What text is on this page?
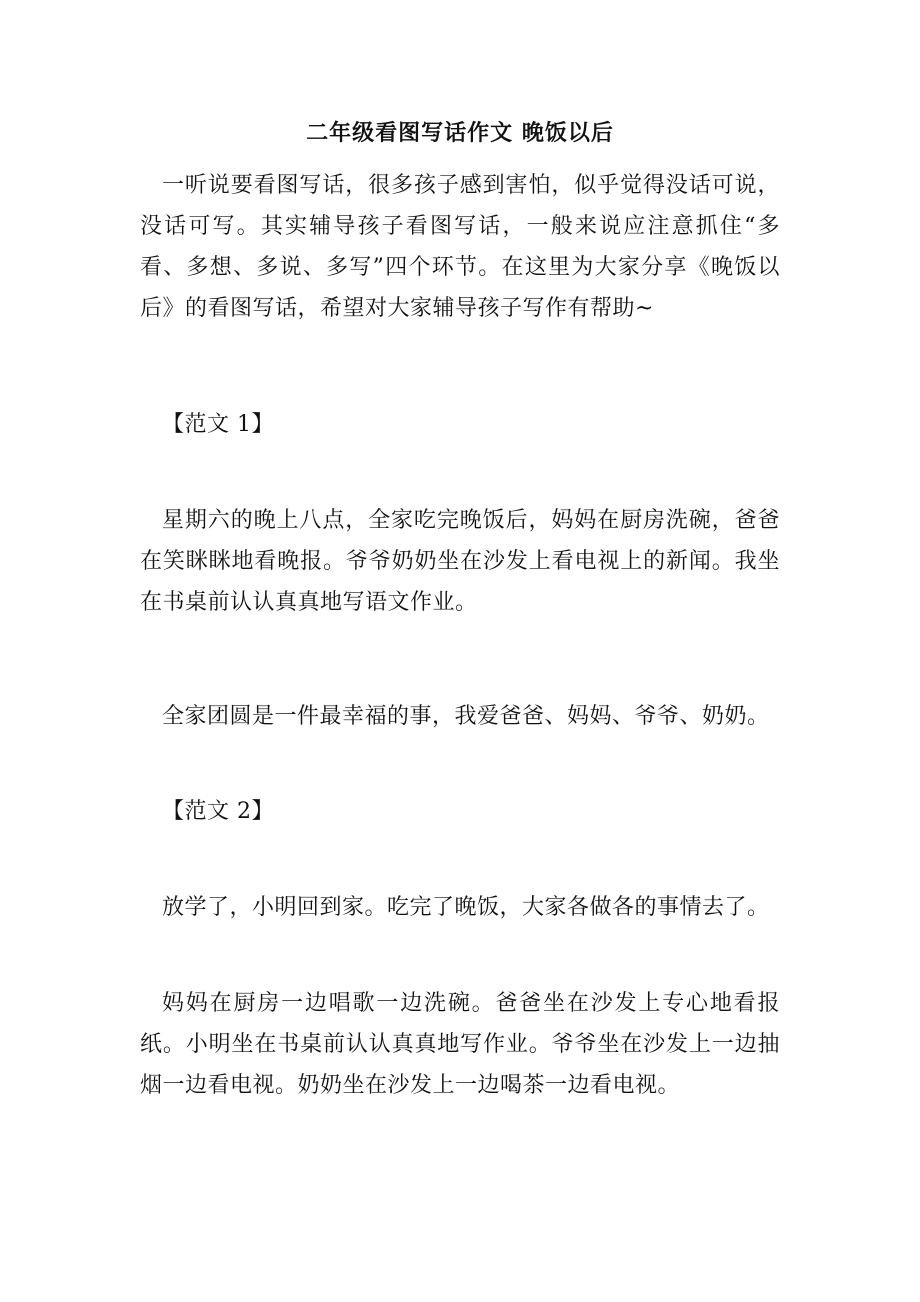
二年级看图写话作文 晚饭以后

一听说要看图写话，很多孩子感到害怕，似乎觉得没话可说，没话可写。其实辅导孩子看图写话，一般来说应注意抓住“多看、多想、多说、多写”四个环节。在这里为大家分享《晚饭以后》的看图写话，希望对大家辅导孩子写作有帮助~

【范文 1】

星期六的晚上八点，全家吃完晚饭后，妈妈在厨房洗碗，爸爸在笑眯眯地看晚报。爷爷奶奶坐在沙发上看电视上的新闻。我坐在书桌前认认真真地写语文作业。

全家团圆是一件最幸福的事，我爱爸爸、妈妈、爷爷、奶奶。

【范文 2】

放学了，小明回到家。吃完了晚饭，大家各做各的事情去了。

妈妈在厨房一边唱歌一边洗碗。爸爸坐在沙发上专心地看报纸。小明坐在书桌前认认真真地写作业。爷爷坐在沙发上一边抽烟一边看电视。奶奶坐在沙发上一边喝茶一边看电视。
